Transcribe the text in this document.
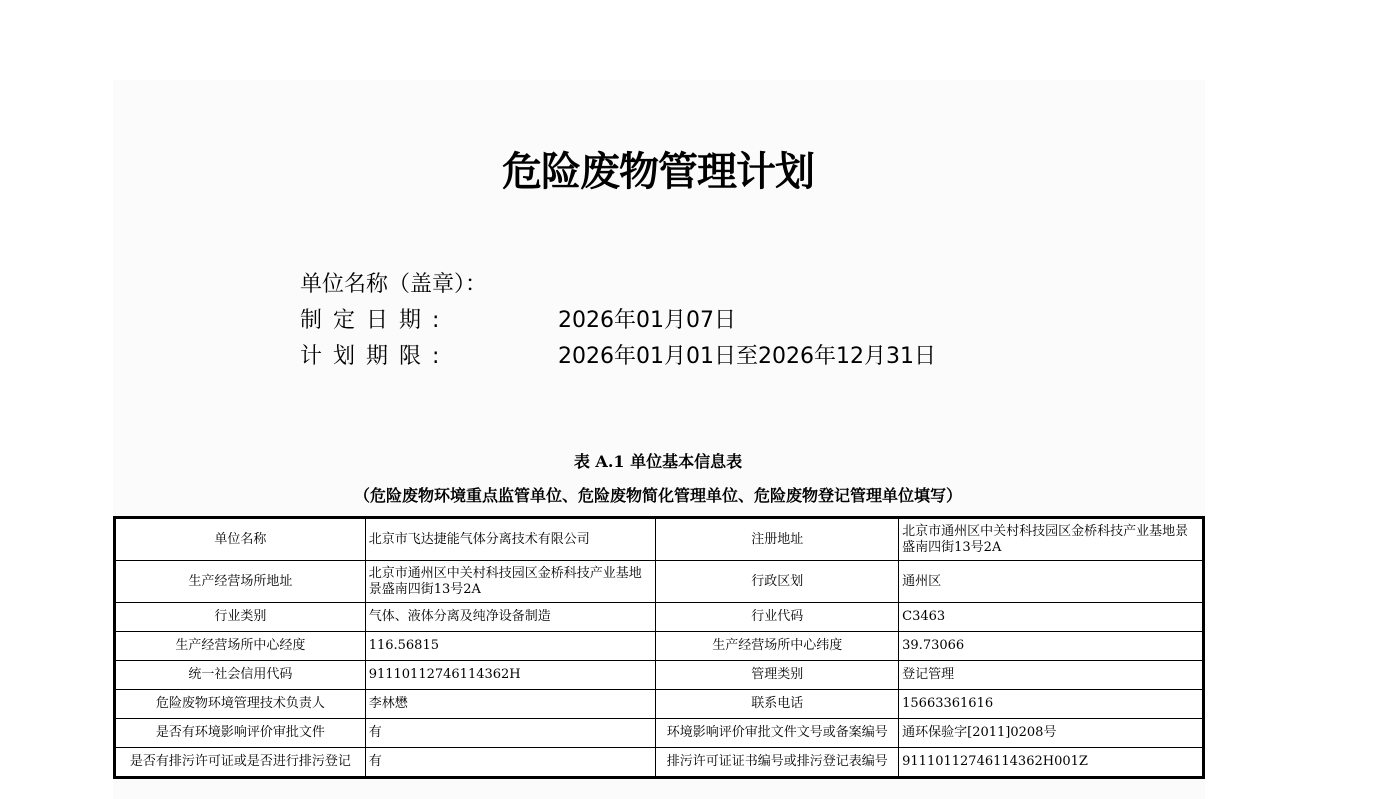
危险废物管理计划
单位名称（盖章）：
制定日期:	2026年01月07日
计划期限:	2026年01月01日至2026年12月31日
表 A.1 单位基本信息表
（危险废物环境重点监管单位、危险废物简化管理单位、危险废物登记管理单位填写）
单位名称	北京市飞达捷能气体分离技术有限公司	注册地址	北京市通州区中关村科技园区金桥科技产业基地景盛南四街13号2A
生产经营场所地址	北京市通州区中关村科技园区金桥科技产业基地景盛南四街13号2A	行政区划	通州区
行业类别	气体、液体分离及纯净设备制造	行业代码	C3463
生产经营场所中心经度	116.56815	生产经营场所中心纬度	39.73066
统一社会信用代码	91110112746114362H	管理类别	登记管理
危险废物环境管理技术负责人	李林懋	联系电话	15663361616
是否有环境影响评价审批文件	有	环境影响评价审批文件文号或备案编号	通环保验字[2011]0208号
是否有排污许可证或是否进行排污登记	有	排污许可证证书编号或排污登记表编号	91110112746114362H001Z
